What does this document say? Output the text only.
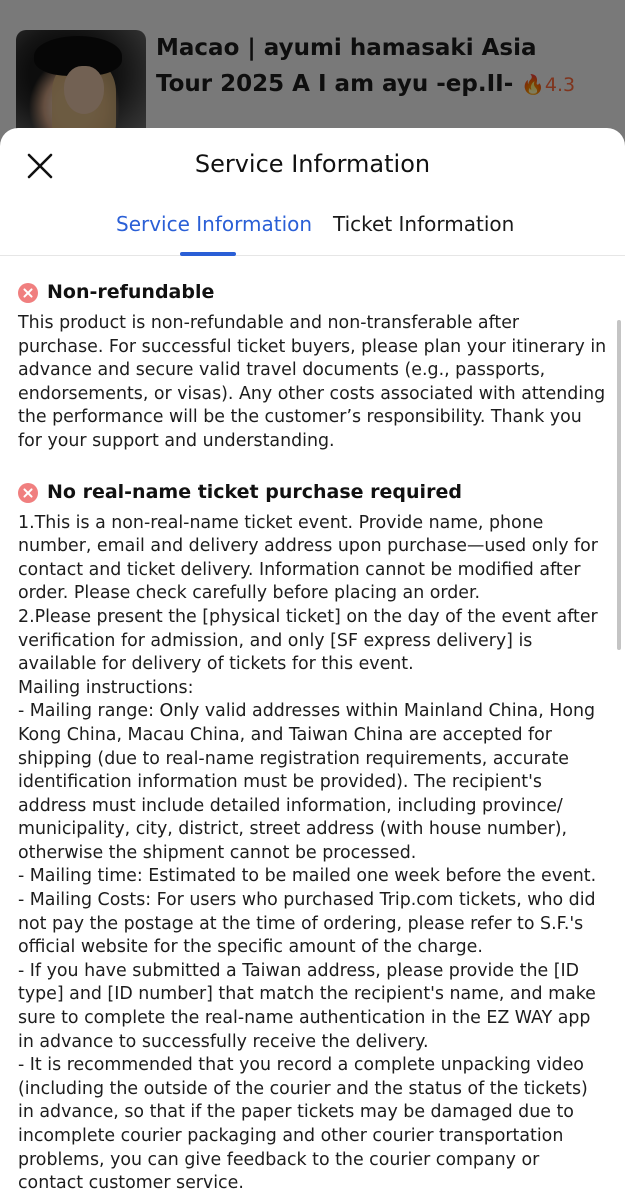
Service Information
Service Information Ticket Information
Non-refundable

This product is non-refundable and non-transferable after purchase. For successful ticket buyers, please plan your itinerary in advance and secure valid travel documents (e.g., passports, endorsements, or visas). Any other costs associated with attending the performance will be the customer’s responsibility. Thank you for your support and understanding.

No real-name ticket purchase required

1.This is a non-real-name ticket event. Provide name, phone number, email and delivery address upon purchase—used only for contact and ticket delivery. Information cannot be modified after order. Please check carefully before placing an order.

2.Please present the [physical ticket] on the day of the event after verification for admission, and only [SF express delivery] is available for delivery of tickets for this event.

Mailing instructions:

- Mailing range: Only valid addresses within Mainland China, Hong Kong China, Macau China, and Taiwan China are accepted for shipping (due to real-name registration requirements, accurate identification information must be provided). The recipient's address must include detailed information, including province/ municipality, city, district, street address (with house number), otherwise the shipment cannot be processed.

- Mailing time: Estimated to be mailed one week before the event.

- Mailing Costs: For users who purchased Trip.com tickets, who did not pay the postage at the time of ordering, please refer to S.F.'s official website for the specific amount of the charge.

- If you have submitted a Taiwan address, please provide the [ID type] and [ID number] that match the recipient's name, and make sure to complete the real-name authentication in the EZ WAY app in advance to successfully receive the delivery.

- It is recommended that you record a complete unpacking video (including the outside of the courier and the status of the tickets) in advance, so that if the paper tickets may be damaged due to incomplete courier packaging and other courier transportation problems, you can give feedback to the courier company or contact customer service.
